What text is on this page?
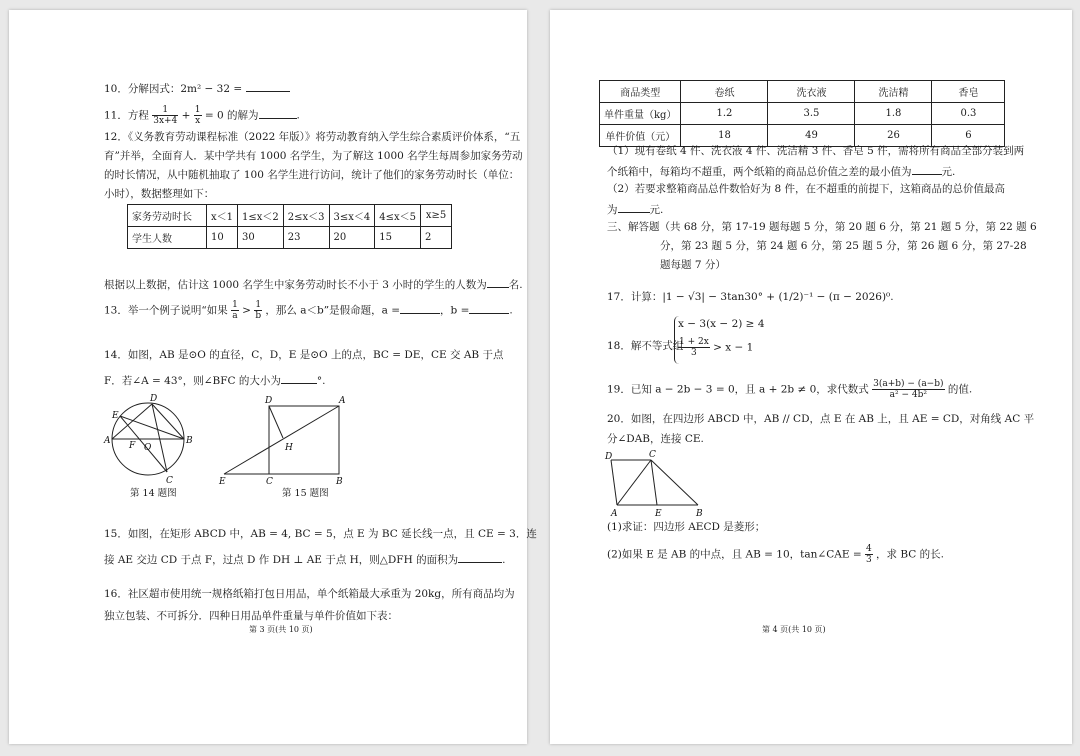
10．分解因式：2m² − 32 =
11．方程 $\frac{1}{3x+4} + \frac{1}{x} = 0$ 的解为	.
12．《义务教育劳动课程标准（2022 年版）》将劳动教育纳入学生综合素质评价体系，“五
育”并举，全面育人．某中学共有 1000 名学生，为了解这 1000 名学生每周参加家务劳动
的时长情况，从中随机抽取了 100 名学生进行访问，统计了他们的家务劳动时长（单位：
小时），数据整理如下：
家务劳动时长	x＜1	1≤x＜2	2≤x＜3	3≤x＜4	4≤x＜5	x≥5
学生人数	10	30	23	20	15	2
根据以上数据，估计这 1000 名学生中家务劳动时长不小于 3 小时的学生的人数为 名.
13．举一个例子说明“如果 $\frac{1}{a} > \frac{1}{b}$ ，那么 a＜b”是假命题，a =	，b =	.
14．如图，AB 是⊙O 的直径，C，D，E 是⊙O 上的点，BC = DE，CE 交 AB 于点
F．若∠A = 43°，则∠BFC 的大小为	°.
D
E
A F O
B
C
第 14 题图
D	A
H
E	C	B
第 15 题图
15．如图，在矩形 ABCD 中，AB = 4, BC = 5，点 E 为 BC 延长线一点，且 CE = 3．连
接 AE 交边 CD 于点 F，过点 D 作 DH ⊥ AE 于点 H，则△DFH 的面积为	.
16．社区超市使用统一规格纸箱打包日用品，单个纸箱最大承重为 20kg，所有商品均为
独立包装、不可拆分．四种日用品单件重量与单件价值如下表：
第 3 页(共 10 页)
商品类型	卷纸	洗衣液	洗洁精	香皂
单件重量（kg）	1.2	3.5	1.8	0.3
单件价值（元）	18	49	26	6
（1）现有卷纸 4 件、洗衣液 4 件、洗洁精 3 件、香皂 5 件，需将所有商品全部分装到两
个纸箱中，每箱均不超重，两个纸箱的商品总价值之差的最小值为	元.
（2）若要求整箱商品总件数恰好为 8 件，在不超重的前提下，这箱商品的总价值最高
为	元.
三、解答题（共 68 分，第 17-19 题每题 5 分，第 20 题 6 分，第 21 题 5 分，第 22 题 6
分，第 23 题 5 分，第 24 题 6 分，第 25 题 5 分，第 26 题 6 分，第 27-28
题每题 7 分）
17．计算：|1 − √3| − 3tan30° + (1/2)⁻¹ − (π − 2026)⁰.
18．解不等式组
x − 3(x − 2) ≥ 4
$\frac{1 + 2x}{3} > x - 1$
19．已知 a − 2b − 3 = 0，且 a + 2b ≠ 0，求代数式 $\frac{3(a+b) - (a-b)}{\text{a² − 4b²}}$ 的值.
20．如图，在四边形 ABCD 中，AB // CD，点 E 在 AB 上，且 AE = CD，对角线 AC 平
分∠DAB，连接 CE.
D	C
A	E	B
(1)求证：四边形 AECD 是菱形；
(2)如果 E 是 AB 的中点，且 AB = 10，tan∠CAE = $\frac{4}{3}$ ，求 BC 的长.
第 4 页(共 10 页)
